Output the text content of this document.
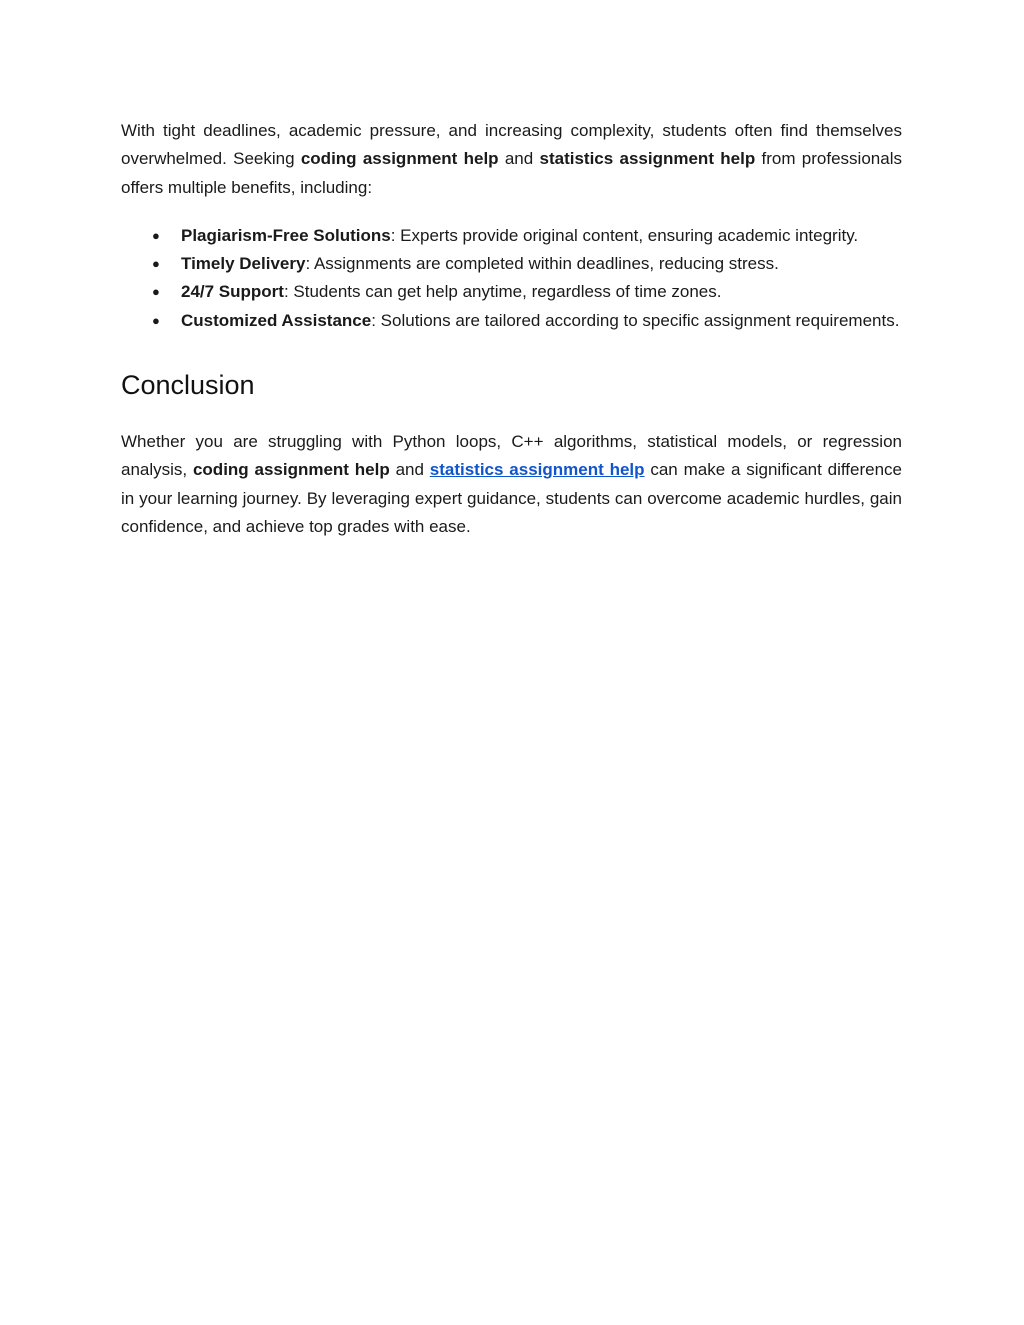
With tight deadlines, academic pressure, and increasing complexity, students often find themselves overwhelmed. Seeking coding assignment help and statistics assignment help from professionals offers multiple benefits, including:

● Plagiarism-Free Solutions: Experts provide original content, ensuring academic integrity.
● Timely Delivery: Assignments are completed within deadlines, reducing stress.
● 24/7 Support: Students can get help anytime, regardless of time zones.
● Customized Assistance: Solutions are tailored according to specific assignment requirements.
Conclusion

Whether you are struggling with Python loops, C++ algorithms, statistical models, or regression analysis, coding assignment help and statistics assignment help can make a significant difference in your learning journey. By leveraging expert guidance, students can overcome academic hurdles, gain confidence, and achieve top grades with ease.
